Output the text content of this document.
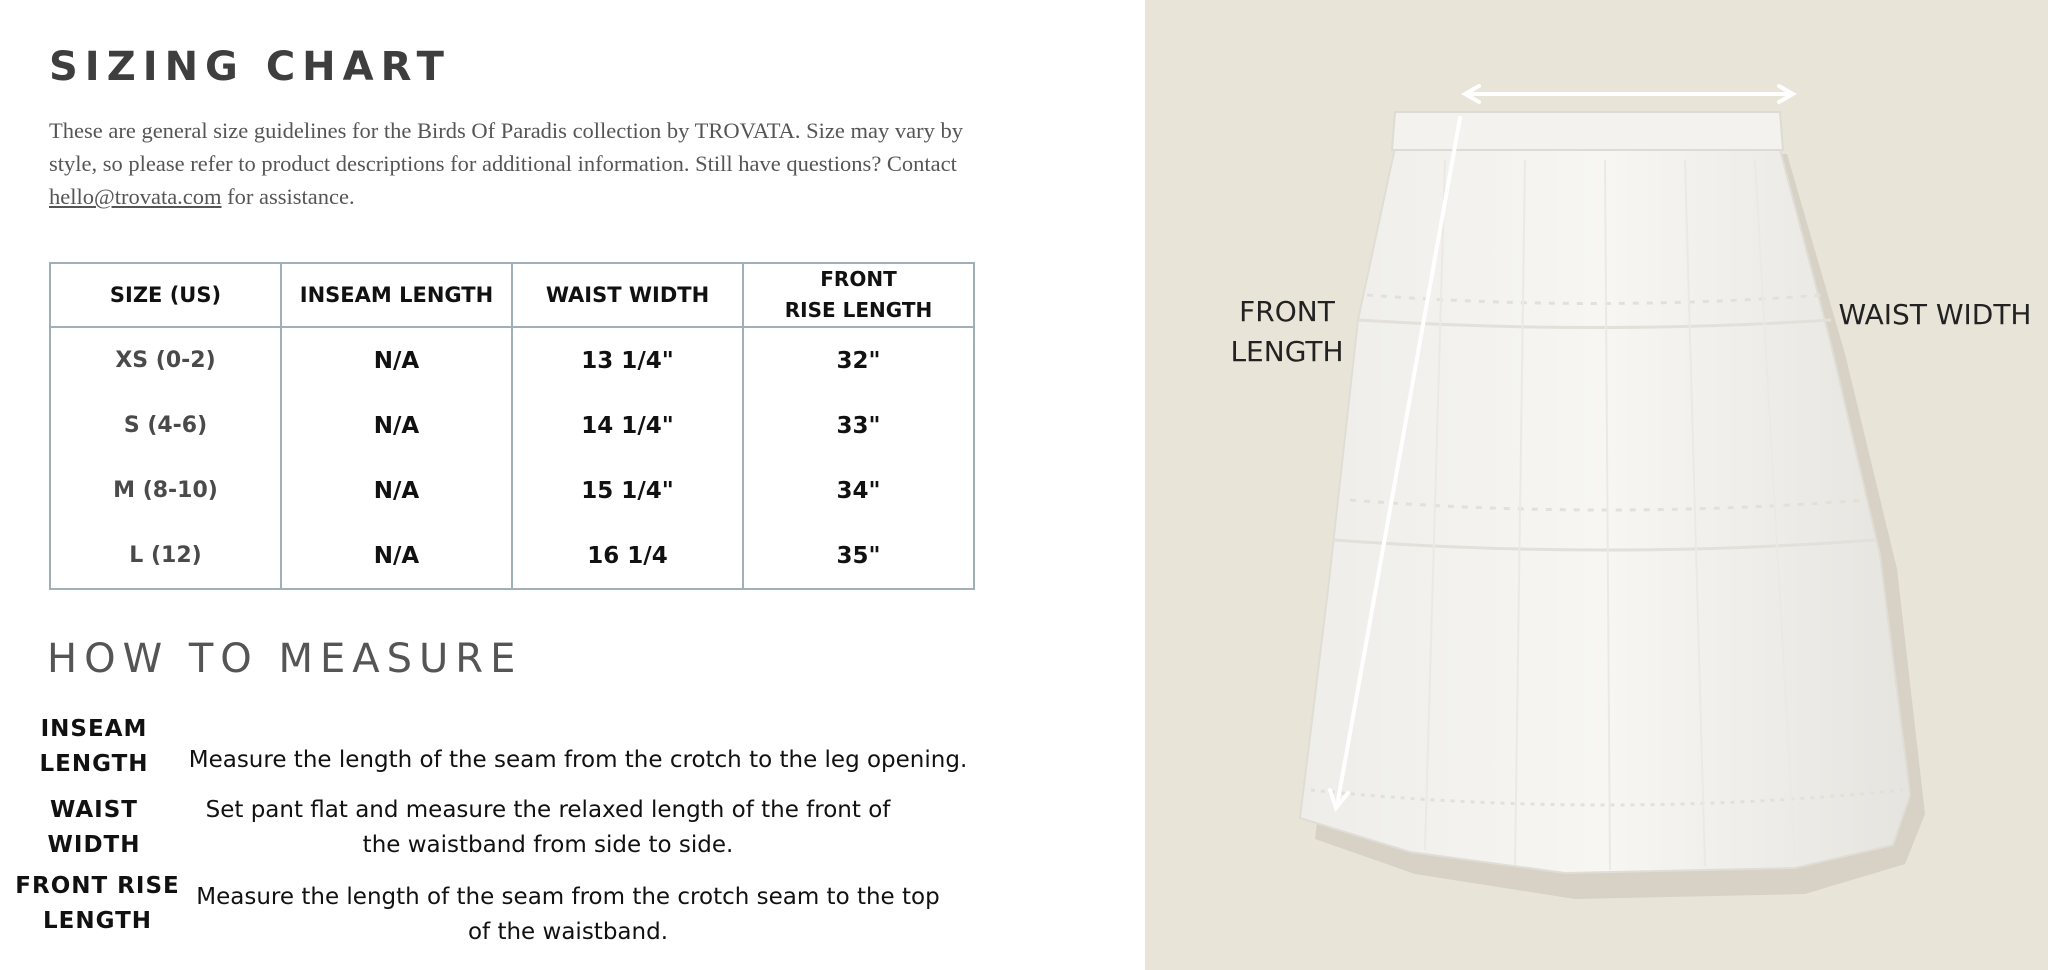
SIZING CHART

These are general size guidelines for the Birds Of Paradis collection by TROVATA. Size may vary by style, so please refer to product descriptions for additional information. Still have questions? Contact hello@trovata.com for assistance.

SIZE (US)	INSEAM LENGTH	WAIST WIDTH	FRONT
RISE LENGTH
XS (0-2)	N/A	13 1/4"	32"
S (4-6)	N/A	14 1/4"	33"
M (8-10)	N/A	15 1/4"	34"
L (12)	N/A	16 1/4	35"
HOW TO MEASURE
INSEAM
LENGTH	Measure the length of the seam from the crotch to the leg opening.
WAIST
WIDTH
Set pant flat and measure the relaxed length of the front of
the waistband from side to side.
FRONT RISE
LENGTH
Measure the length of the seam from the crotch seam to the top
of the waistband.
FRONT
LENGTH
WAIST WIDTH
